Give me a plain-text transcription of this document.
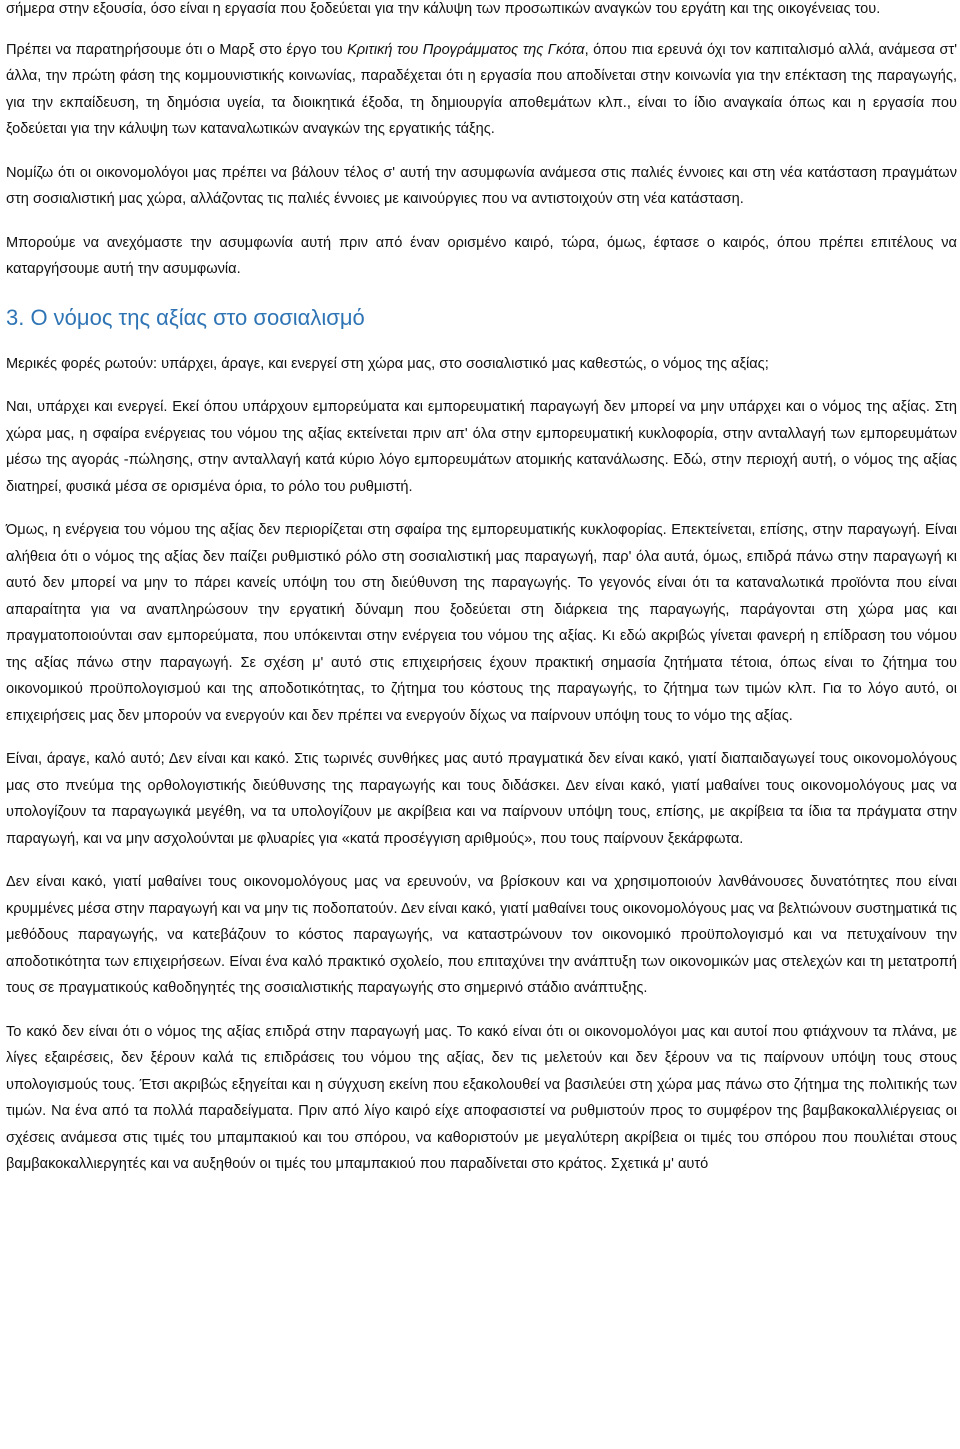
σήμερα στην εξουσία, όσο είναι η εργασία που ξοδεύεται για την κάλυψη των προσωπικών αναγκών του εργάτη και της οικογένειας του.

Πρέπει να παρατηρήσουμε ότι ο Μαρξ στο έργο του Κριτική του Προγράμματος της Γκότα, όπου πια ερευνά όχι τον καπιταλισμό αλλά, ανάμεσα στ' άλλα, την πρώτη φάση της κομμουνιστικής κοινωνίας, παραδέχεται ότι η εργασία που αποδίνεται στην κοινωνία για την επέκταση της παραγωγής, για την εκπαίδευση, τη δημόσια υγεία, τα διοικητικά έξοδα, τη δημιουργία αποθεμάτων κλπ., είναι το ίδιο αναγκαία όπως και η εργασία που ξοδεύεται για την κάλυψη των καταναλωτικών αναγκών της εργατικής τάξης.

Νομίζω ότι οι οικονομολόγοι μας πρέπει να βάλουν τέλος σ' αυτή την ασυμφωνία ανάμεσα στις παλιές έννοιες και στη νέα κατάσταση πραγμάτων στη σοσιαλιστική μας χώρα, αλλάζοντας τις παλιές έννοιες με καινούργιες που να αντιστοιχούν στη νέα κατάσταση.

Μπορούμε να ανεχόμαστε την ασυμφωνία αυτή πριν από έναν ορισμένο καιρό, τώρα, όμως, έφτασε ο καιρός, όπου πρέπει επιτέλους να καταργήσουμε αυτή την ασυμφωνία.

3. Ο νόμος της αξίας στο σοσιαλισμό

Μερικές φορές ρωτούν: υπάρχει, άραγε, και ενεργεί στη χώρα μας, στο σοσιαλιστικό μας καθεστώς, ο νόμος της αξίας;

Ναι, υπάρχει και ενεργεί. Εκεί όπου υπάρχουν εμπορεύματα και εμπορευματική παραγωγή δεν μπορεί να μην υπάρχει και ο νόμος της αξίας. Στη χώρα μας, η σφαίρα ενέργειας του νόμου της αξίας εκτείνεται πριν απ' όλα στην εμπορευματική κυκλοφορία, στην ανταλλαγή των εμπορευμάτων μέσω της αγοράς -πώλησης, στην ανταλλαγή κατά κύριο λόγο εμπορευμάτων ατομικής κατανάλωσης. Εδώ, στην περιοχή αυτή, ο νόμος της αξίας διατηρεί, φυσικά μέσα σε ορισμένα όρια, το ρόλο του ρυθμιστή.

Όμως, η ενέργεια του νόμου της αξίας δεν περιορίζεται στη σφαίρα της εμπορευματικής κυκλοφορίας. Επεκτείνεται, επίσης, στην παραγωγή. Είναι αλήθεια ότι ο νόμος της αξίας δεν παίζει ρυθμιστικό ρόλο στη σοσιαλιστική μας παραγωγή, παρ' όλα αυτά, όμως, επιδρά πάνω στην παραγωγή κι αυτό δεν μπορεί να μην το πάρει κανείς υπόψη του στη διεύθυνση της παραγωγής. Το γεγονός είναι ότι τα καταναλωτικά προϊόντα που είναι απαραίτητα για να αναπληρώσουν την εργατική δύναμη που ξοδεύεται στη διάρκεια της παραγωγής, παράγονται στη χώρα μας και πραγματοποιούνται σαν εμπορεύματα, που υπόκεινται στην ενέργεια του νόμου της αξίας. Κι εδώ ακριβώς γίνεται φανερή η επίδραση του νόμου της αξίας πάνω στην παραγωγή. Σε σχέση μ' αυτό στις επιχειρήσεις έχουν πρακτική σημασία ζητήματα τέτοια, όπως είναι το ζήτημα του οικονομικού προϋπολογισμού και της αποδοτικότητας, το ζήτημα του κόστους της παραγωγής, το ζήτημα των τιμών κλπ. Για το λόγο αυτό, οι επιχειρήσεις μας δεν μπορούν να ενεργούν και δεν πρέπει να ενεργούν δίχως να παίρνουν υπόψη τους το νόμο της αξίας.

Είναι, άραγε, καλό αυτό; Δεν είναι και κακό. Στις τωρινές συνθήκες μας αυτό πραγματικά δεν είναι κακό, γιατί διαπαιδαγωγεί τους οικονομολόγους μας στο πνεύμα της ορθολογιστικής διεύθυνσης της παραγωγής και τους διδάσκει. Δεν είναι κακό, γιατί μαθαίνει τους οικονομολόγους μας να υπολογίζουν τα παραγωγικά μεγέθη, να τα υπολογίζουν με ακρίβεια και να παίρνουν υπόψη τους, επίσης, με ακρίβεια τα ίδια τα πράγματα στην παραγωγή, και να μην ασχολούνται με φλυαρίες για «κατά προσέγγιση αριθμούς», που τους παίρνουν ξεκάρφωτα.

Δεν είναι κακό, γιατί μαθαίνει τους οικονομολόγους μας να ερευνούν, να βρίσκουν και να χρησιμοποιούν λανθάνουσες δυνατότητες που είναι κρυμμένες μέσα στην παραγωγή και να μην τις ποδοπατούν. Δεν είναι κακό, γιατί μαθαίνει τους οικονομολόγους μας να βελτιώνουν συστηματικά τις μεθόδους παραγωγής, να κατεβάζουν το κόστος παραγωγής, να καταστρώνουν τον οικονομικό προϋπολογισμό και να πετυχαίνουν την αποδοτικότητα των επιχειρήσεων. Είναι ένα καλό πρακτικό σχολείο, που επιταχύνει την ανάπτυξη των οικονομικών μας στελεχών και τη μετατροπή τους σε πραγματικούς καθοδηγητές της σοσιαλιστικής παραγωγής στο σημερινό στάδιο ανάπτυξης.

Το κακό δεν είναι ότι ο νόμος της αξίας επιδρά στην παραγωγή μας. Το κακό είναι ότι οι οικονομολόγοι μας και αυτοί που φτιάχνουν τα πλάνα, με λίγες εξαιρέσεις, δεν ξέρουν καλά τις επιδράσεις του νόμου της αξίας, δεν τις μελετούν και δεν ξέρουν να τις παίρνουν υπόψη τους στους υπολογισμούς τους. Έτσι ακριβώς εξηγείται και η σύγχυση εκείνη που εξακολουθεί να βασιλεύει στη χώρα μας πάνω στο ζήτημα της πολιτικής των τιμών. Να ένα από τα πολλά παραδείγματα. Πριν από λίγο καιρό είχε αποφασιστεί να ρυθμιστούν προς το συμφέρον της βαμβακοκαλλιέργειας οι σχέσεις ανάμεσα στις τιμές του μπαμπακιού και του σπόρου, να καθοριστούν με μεγαλύτερη ακρίβεια οι τιμές του σπόρου που πουλιέται στους βαμβακοκαλλιεργητές και να αυξηθούν οι τιμές του μπαμπακιού που παραδίνεται στο κράτος. Σχετικά μ' αυτό
